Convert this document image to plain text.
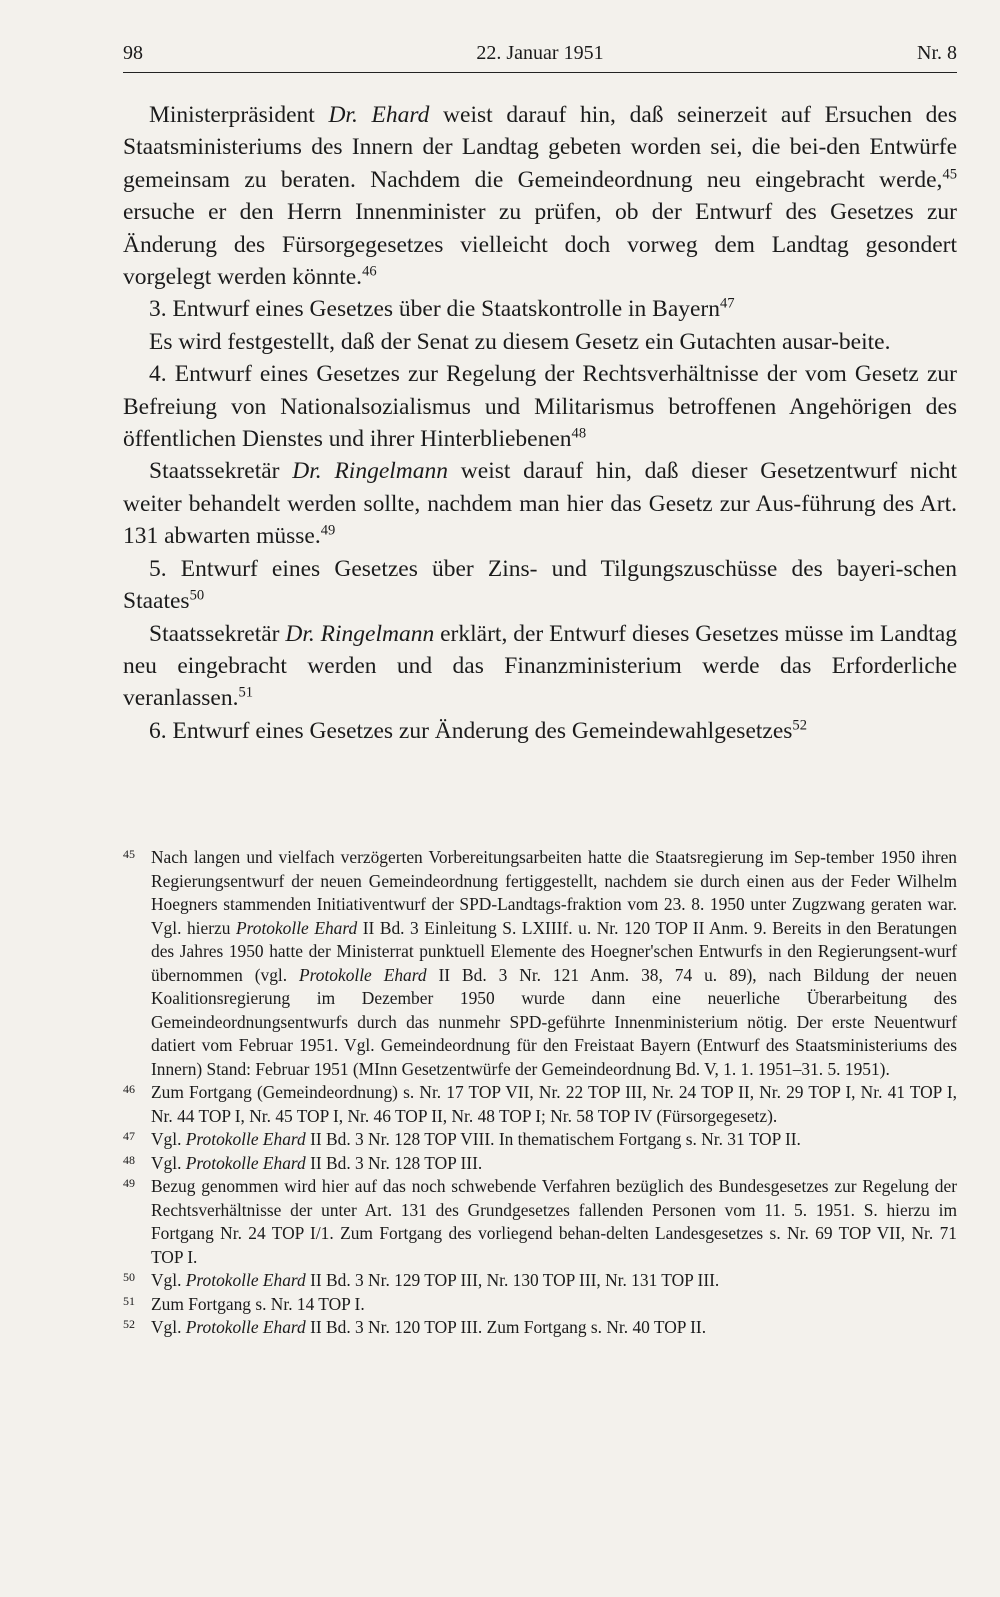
98	22. Januar 1951	Nr. 8

Ministerpräsident Dr. Ehard weist darauf hin, daß seinerzeit auf Ersuchen des Staatsministeriums des Innern der Landtag gebeten worden sei, die bei-den Entwürfe gemeinsam zu beraten. Nachdem die Gemeindeordnung neu eingebracht werde,$^{45}$ ersuche er den Herrn Innenminister zu prüfen, ob der Entwurf des Gesetzes zur Änderung des Fürsorgegesetzes vielleicht doch vorweg dem Landtag gesondert vorgelegt werden könnte.$^{46}$

3. Entwurf eines Gesetzes über die Staatskontrolle in Bayern$^{47}$

Es wird festgestellt, daß der Senat zu diesem Gesetz ein Gutachten ausar-beite.

4. Entwurf eines Gesetzes zur Regelung der Rechtsverhältnisse der vom Gesetz zur Befreiung von Nationalsozialismus und Militarismus betroffenen Angehörigen des öffentlichen Dienstes und ihrer Hinterbliebenen$^{48}$

Staatssekretär Dr. Ringelmann weist darauf hin, daß dieser Gesetzentwurf nicht weiter behandelt werden sollte, nachdem man hier das Gesetz zur Aus-führung des Art. 131 abwarten müsse.$^{49}$

5. Entwurf eines Gesetzes über Zins- und Tilgungszuschüsse des bayeri-schen Staates$^{50}$

Staatssekretär Dr. Ringelmann erklärt, der Entwurf dieses Gesetzes müsse im Landtag neu eingebracht werden und das Finanzministerium werde das Erforderliche veranlassen.$^{51}$

6. Entwurf eines Gesetzes zur Änderung des Gemeindewahlgesetzes$^{52}$

45 Nach langen und vielfach verzögerten Vorbereitungsarbeiten hatte die Staatsregierung im Sep-tember 1950 ihren Regierungsentwurf der neuen Gemeindeordnung fertiggestellt, nachdem sie durch einen aus der Feder Wilhelm Hoegners stammenden Initiativentwurf der SPD-Landtags-fraktion vom 23. 8. 1950 unter Zugzwang geraten war. Vgl. hierzu Protokolle Ehard II Bd. 3 Einleitung S. LXIIIf. u. Nr. 120 TOP II Anm. 9. Bereits in den Beratungen des Jahres 1950 hatte der Ministerrat punktuell Elemente des Hoegner'schen Entwurfs in den Regierungsent-wurf übernommen (vgl. Protokolle Ehard II Bd. 3 Nr. 121 Anm. 38, 74 u. 89), nach Bildung der neuen Koalitionsregierung im Dezember 1950 wurde dann eine neuerliche Überarbeitung des Gemeindeordnungsentwurfs durch das nunmehr SPD-geführte Innenministerium nötig. Der erste Neuentwurf datiert vom Februar 1951. Vgl. Gemeindeordnung für den Freistaat Bayern (Entwurf des Staatsministeriums des Innern) Stand: Februar 1951 (MInn Gesetzentwürfe der Gemeindeordnung Bd. V, 1. 1. 1951–31. 5. 1951).

46 Zum Fortgang (Gemeindeordnung) s. Nr. 17 TOP VII, Nr. 22 TOP III, Nr. 24 TOP II, Nr. 29 TOP I, Nr. 41 TOP I, Nr. 44 TOP I, Nr. 45 TOP I, Nr. 46 TOP II, Nr. 48 TOP I; Nr. 58 TOP IV (Fürsorgegesetz).

47 Vgl. Protokolle Ehard II Bd. 3 Nr. 128 TOP VIII. In thematischem Fortgang s. Nr. 31 TOP II.

48 Vgl. Protokolle Ehard II Bd. 3 Nr. 128 TOP III.

49 Bezug genommen wird hier auf das noch schwebende Verfahren bezüglich des Bundesgesetzes zur Regelung der Rechtsverhältnisse der unter Art. 131 des Grundgesetzes fallenden Personen vom 11. 5. 1951. S. hierzu im Fortgang Nr. 24 TOP I/1. Zum Fortgang des vorliegend behan-delten Landesgesetzes s. Nr. 69 TOP VII, Nr. 71 TOP I.

50 Vgl. Protokolle Ehard II Bd. 3 Nr. 129 TOP III, Nr. 130 TOP III, Nr. 131 TOP III.

51 Zum Fortgang s. Nr. 14 TOP I.

52 Vgl. Protokolle Ehard II Bd. 3 Nr. 120 TOP III. Zum Fortgang s. Nr. 40 TOP II.
